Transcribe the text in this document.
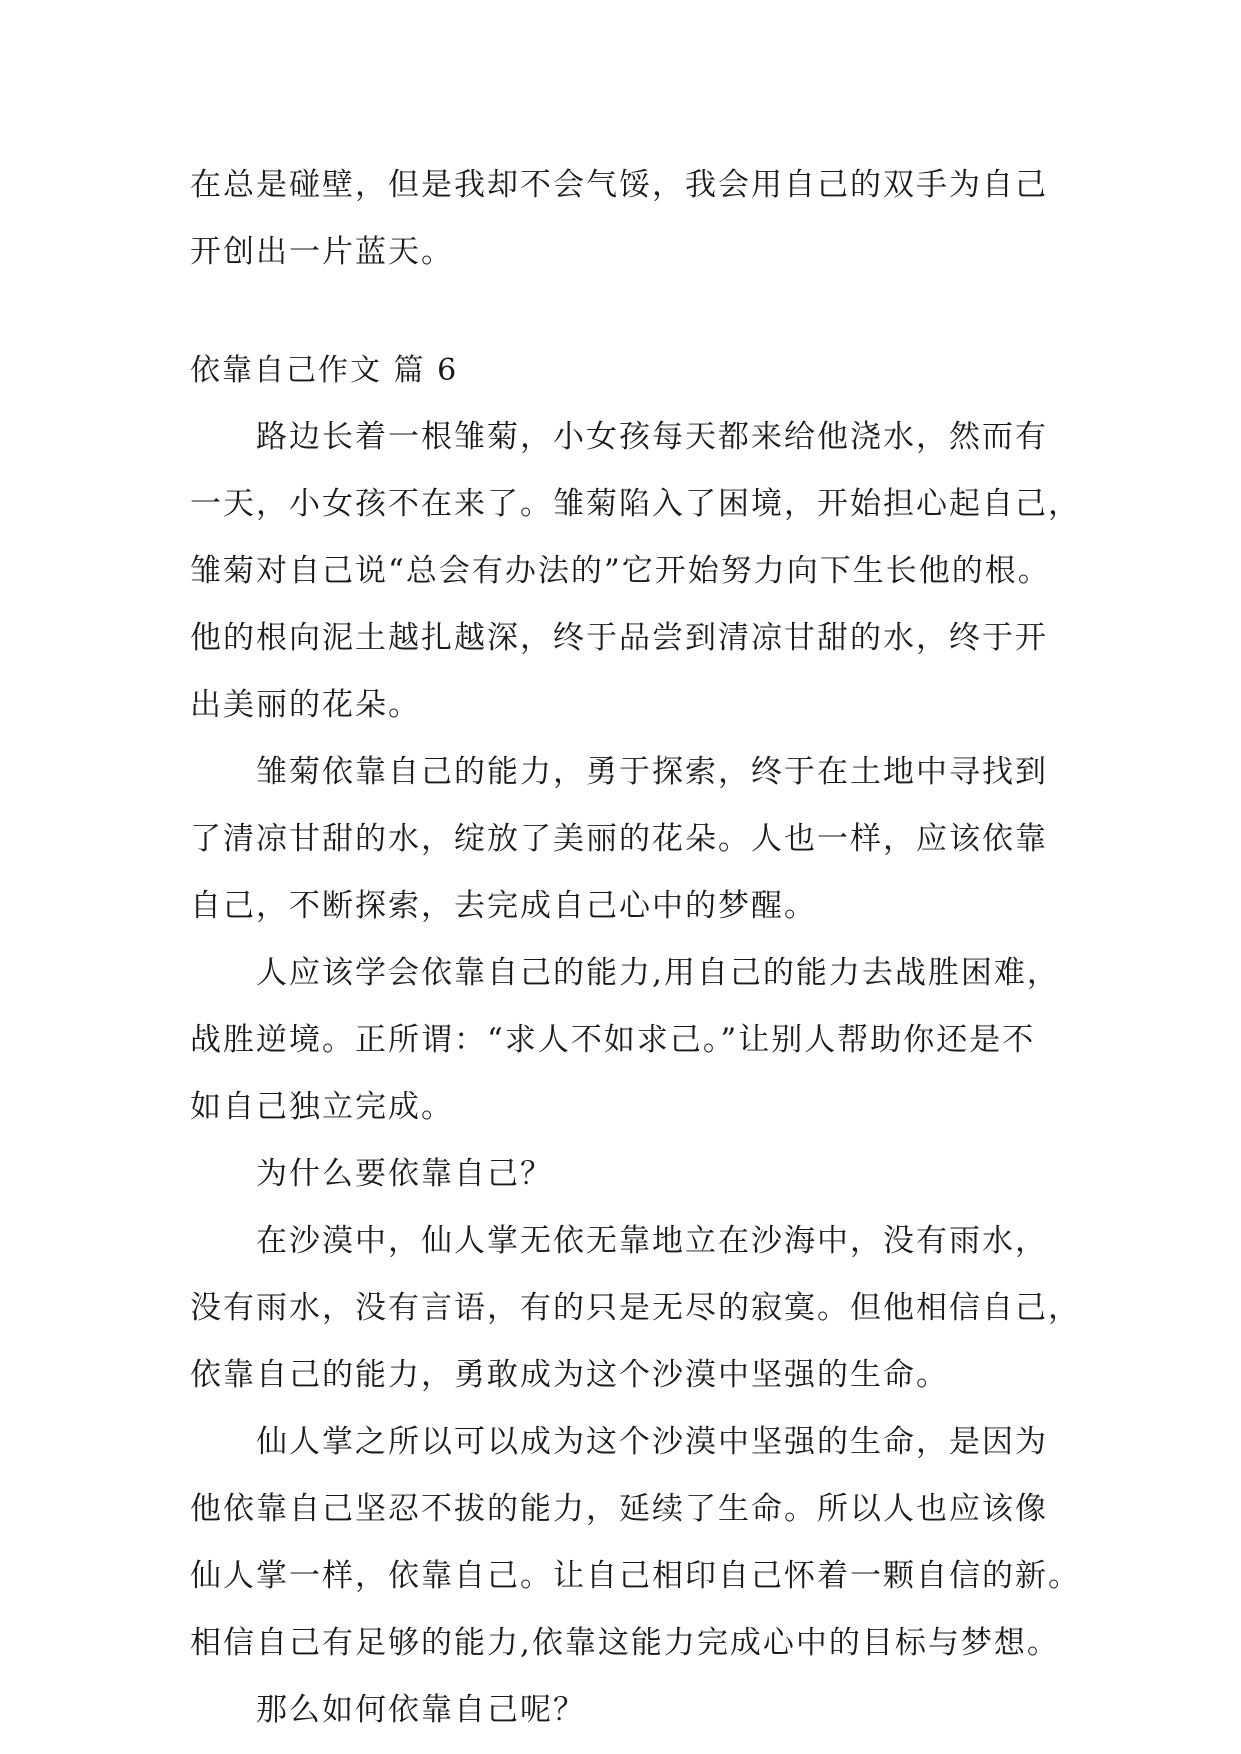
在总是碰壁，但是我却不会气馁，我会用自己的双手为自己
开创出一片蓝天。
依靠自己作文 篇 6
路边长着一根雏菊，小女孩每天都来给他浇水，然而有
一天，小女孩不在来了。雏菊陷入了困境，开始担心起自己，
雏菊对自己说“总会有办法的”它开始努力向下生长他的根。
他的根向泥土越扎越深，终于品尝到清凉甘甜的水，终于开
出美丽的花朵。
雏菊依靠自己的能力，勇于探索，终于在土地中寻找到
了清凉甘甜的水，绽放了美丽的花朵。人也一样，应该依靠
自己，不断探索，去完成自己心中的梦醒。
人应该学会依靠自己的能力,用自己的能力去战胜困难，
战胜逆境。正所谓：“求人不如求己。”让别人帮助你还是不
如自己独立完成。
为什么要依靠自己？
在沙漠中，仙人掌无依无靠地立在沙海中，没有雨水，
没有雨水，没有言语，有的只是无尽的寂寞。但他相信自己，
依靠自己的能力，勇敢成为这个沙漠中坚强的生命。
仙人掌之所以可以成为这个沙漠中坚强的生命，是因为
他依靠自己坚忍不拔的能力，延续了生命。所以人也应该像
仙人掌一样，依靠自己。让自己相印自己怀着一颗自信的新。
相信自己有足够的能力,依靠这能力完成心中的目标与梦想。
那么如何依靠自己呢？
